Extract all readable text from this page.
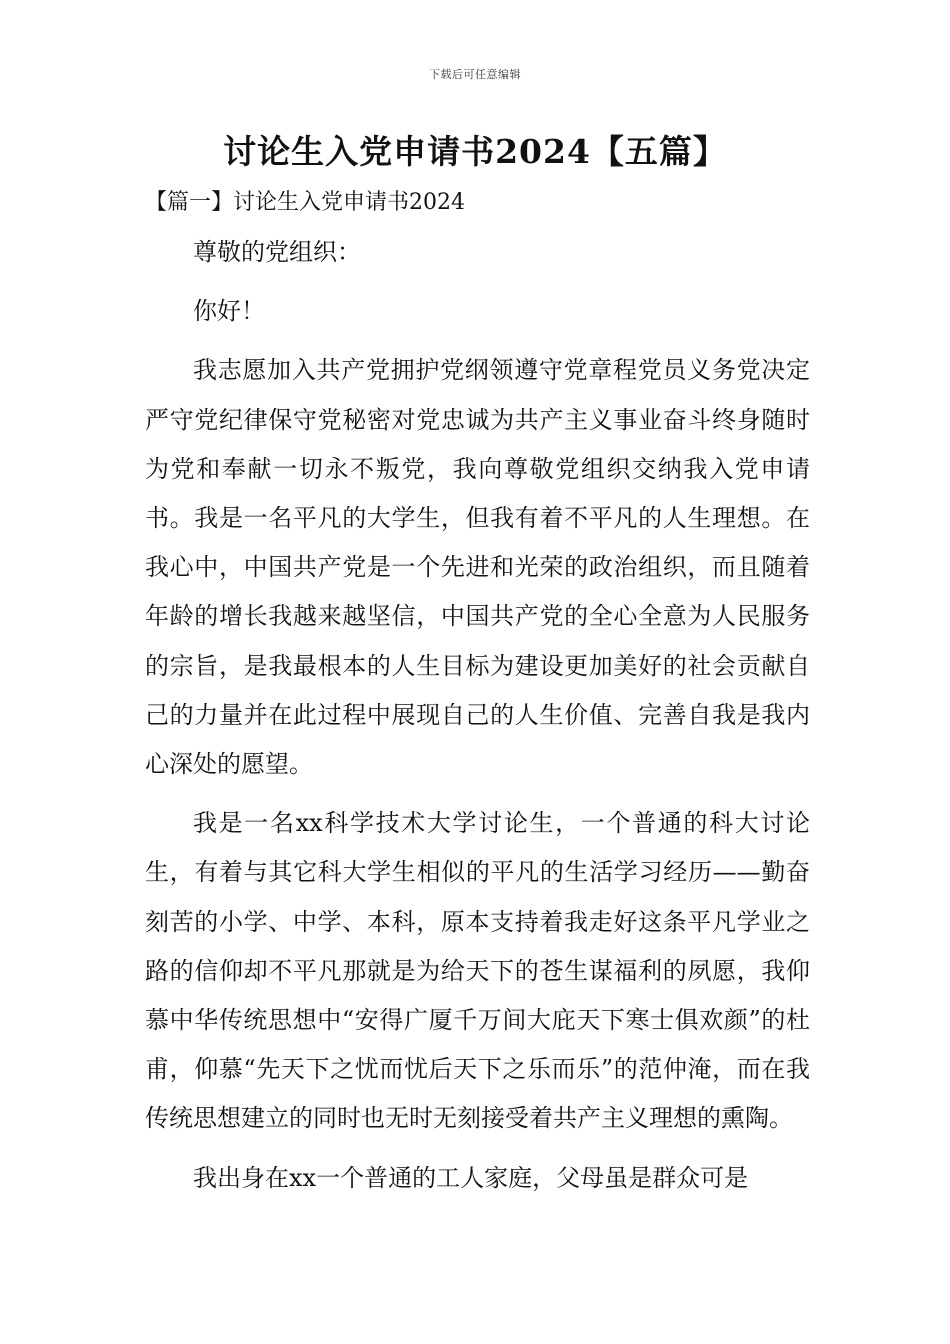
下载后可任意编辑
讨论生入党申请书2024【五篇】
【篇一】讨论生入党申请书2024

尊敬的党组织：

你好！

我志愿加入共产党拥护党纲领遵守党章程党员义务党决定严守党纪律保守党秘密对党忠诚为共产主义事业奋斗终身随时为党和奉献一切永不叛党，我向尊敬党组织交纳我入党申请书。我是一名平凡的大学生，但我有着不平凡的人生理想。在我心中，中国共产党是一个先进和光荣的政治组织，而且随着年龄的增长我越来越坚信，中国共产党的全心全意为人民服务的宗旨，是我最根本的人生目标为建设更加美好的社会贡献自己的力量并在此过程中展现自己的人生价值、完善自我是我内心深处的愿望。

我是一名xx科学技术大学讨论生，一个普通的科大讨论生，有着与其它科大学生相似的平凡的生活学习经历——勤奋刻苦的小学、中学、本科，原本支持着我走好这条平凡学业之路的信仰却不平凡那就是为给天下的苍生谋福利的夙愿，我仰慕中华传统思想中“安得广厦千万间大庇天下寒士俱欢颜”的杜甫，仰慕“先天下之忧而忧后天下之乐而乐”的范仲淹，而在我传统思想建立的同时也无时无刻接受着共产主义理想的熏陶。

我出身在xx一个普通的工人家庭，父母虽是群众可是
